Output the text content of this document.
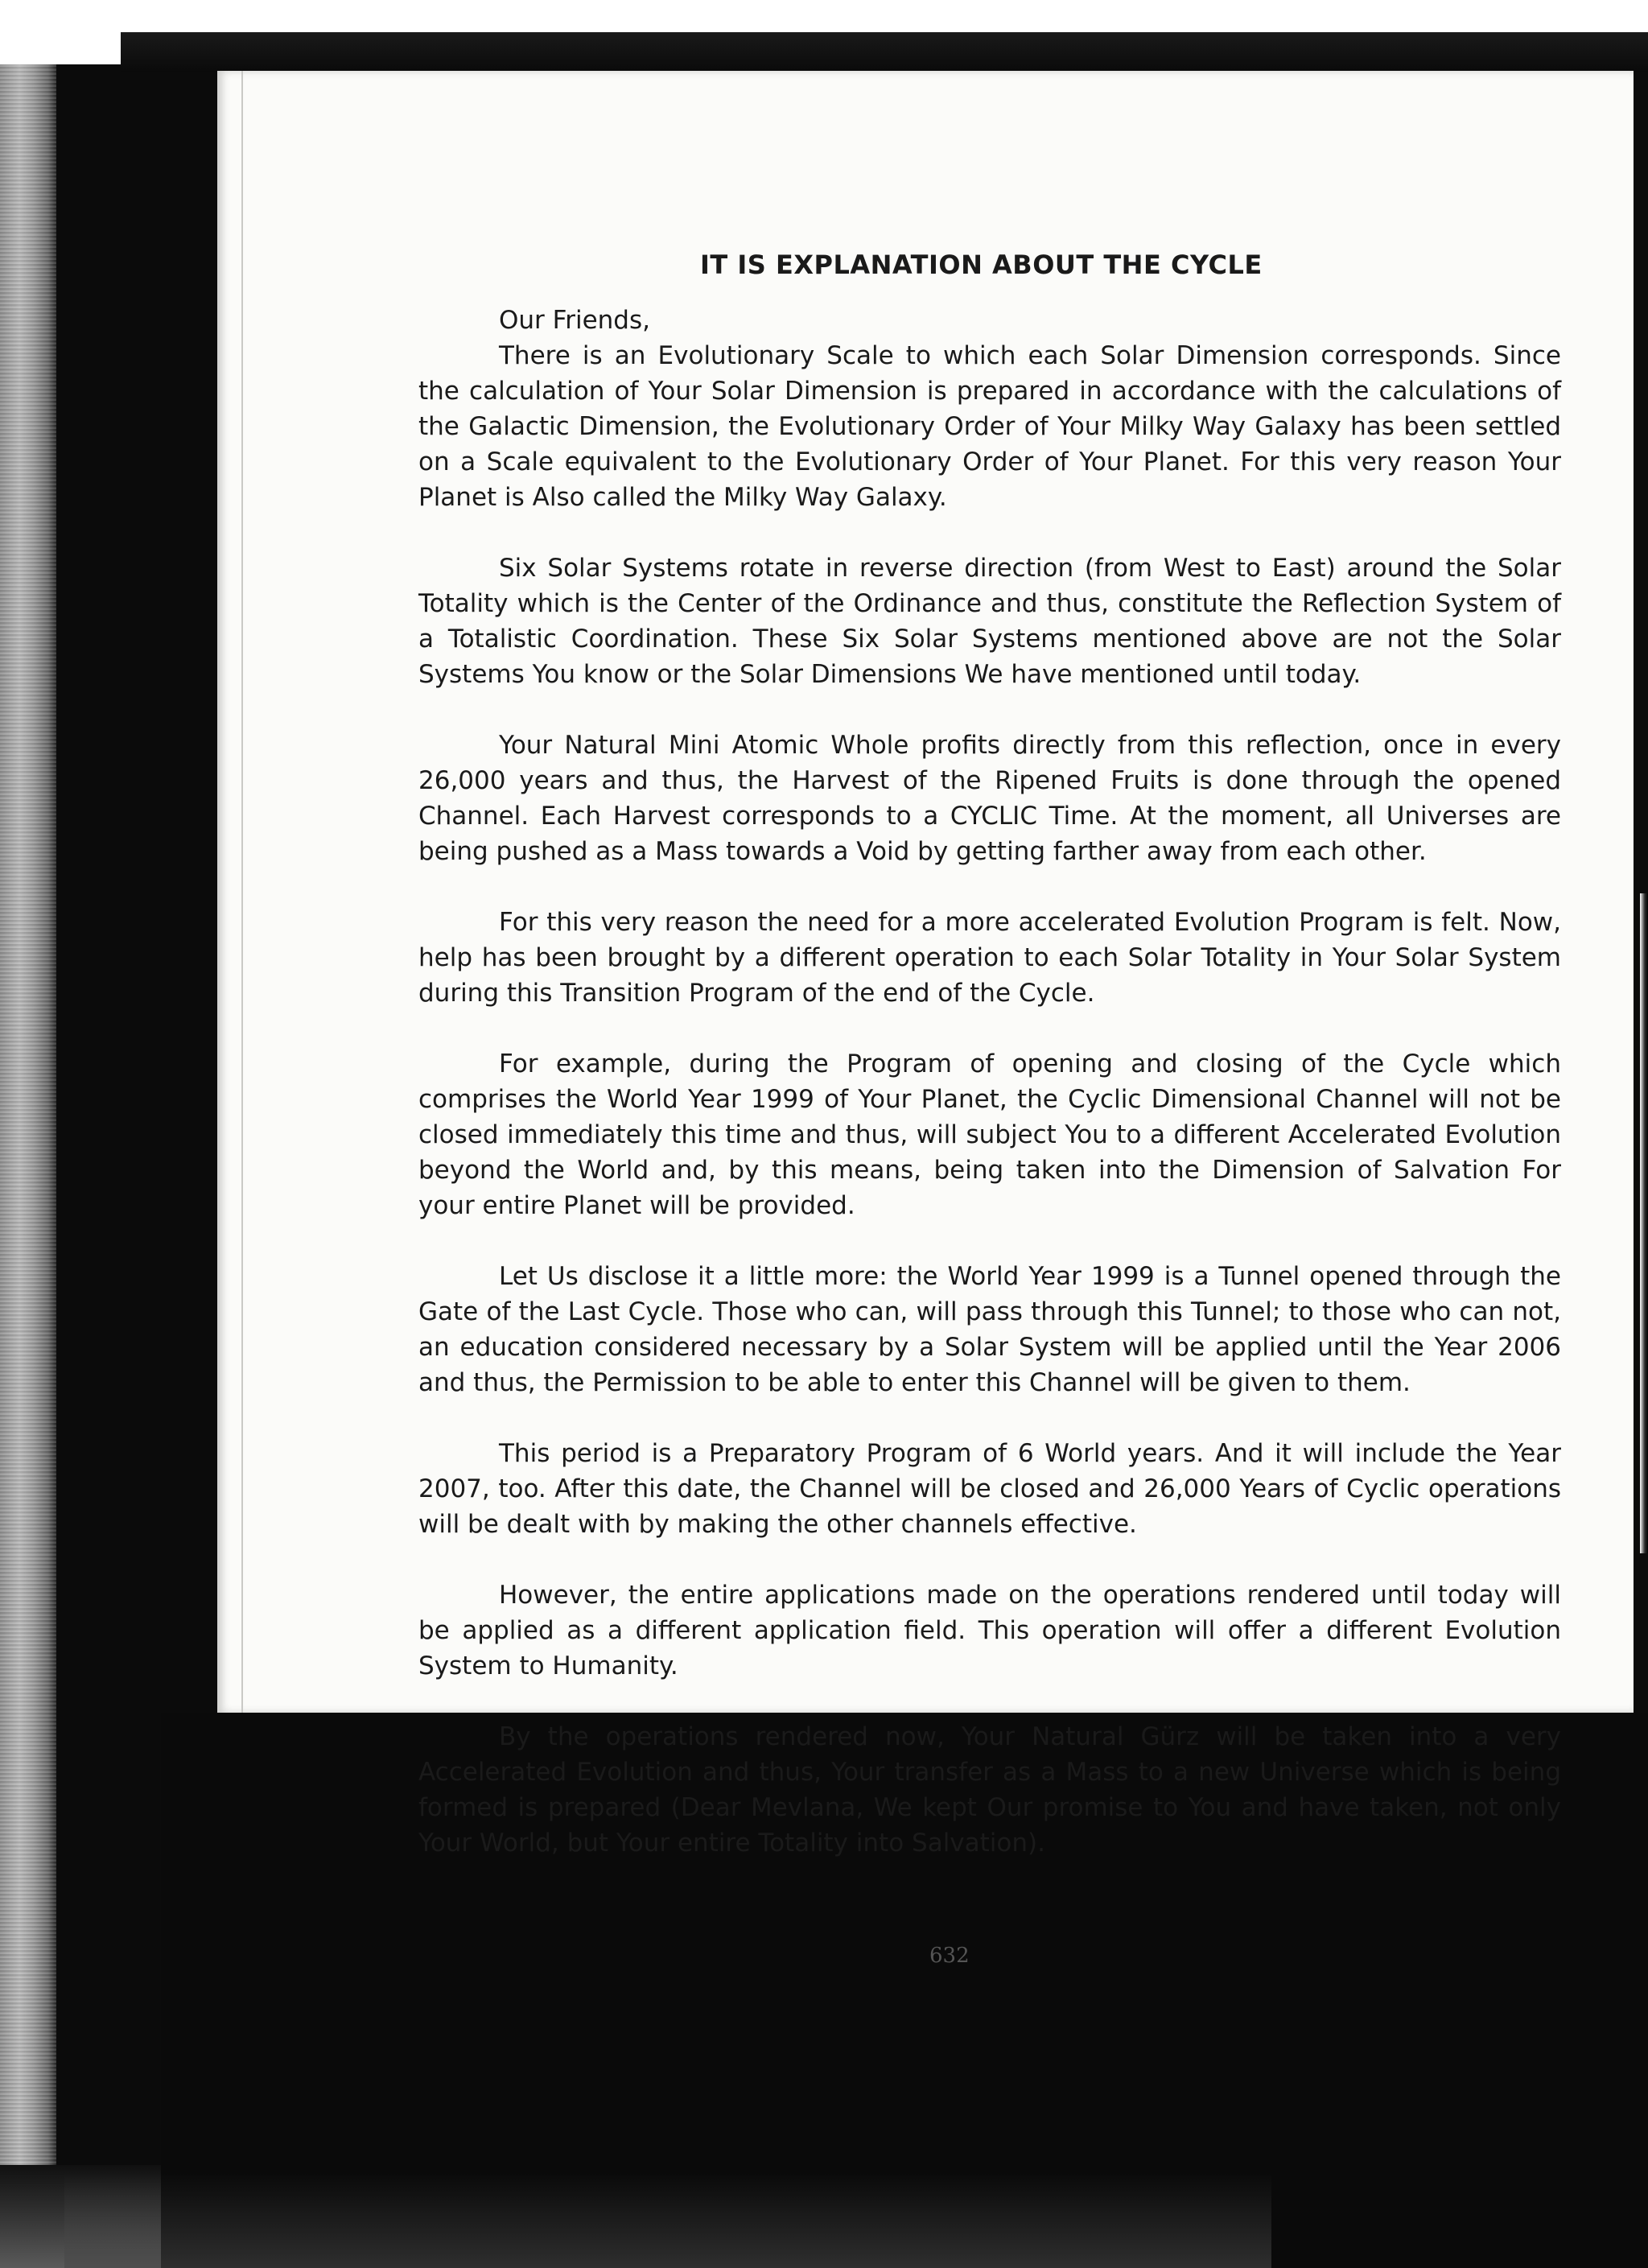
IT IS EXPLANATION ABOUT THE CYCLE

Our Friends,

There is an Evolutionary Scale to which each Solar Dimension corresponds. Since the calculation of Your Solar Dimension is prepared in accordance with the calculations of the Galactic Dimension, the Evolutionary Order of Your Milky Way Galaxy has been settled on a Scale equivalent to the Evolutionary Order of Your Planet. For this very reason Your Planet is Also called the Milky Way Galaxy.

Six Solar Systems rotate in reverse direction (from West to East) around the Solar Totality which is the Center of the Ordinance and thus, constitute the Reflection System of a Totalistic Coordination. These Six Solar Systems mentioned above are not the Solar Systems You know or the Solar Dimensions We have mentioned until today.

Your Natural Mini Atomic Whole profits directly from this reflection, once in every 26,000 years and thus, the Harvest of the Ripened Fruits is done through the opened Channel. Each Harvest corresponds to a CYCLIC Time. At the moment, all Universes are being pushed as a Mass towards a Void by getting farther away from each other.

For this very reason the need for a more accelerated Evolution Program is felt. Now, help has been brought by a different operation to each Solar Totality in Your Solar System during this Transition Program of the end of the Cycle.

For example, during the Program of opening and closing of the Cycle which comprises the World Year 1999 of Your Planet, the Cyclic Dimensional Channel will not be closed immediately this time and thus, will subject You to a different Accelerated Evolution beyond the World and, by this means, being taken into the Dimension of Salvation For your entire Planet will be provided.

Let Us disclose it a little more: the World Year 1999 is a Tunnel opened through the Gate of the Last Cycle. Those who can, will pass through this Tunnel; to those who can not, an education considered necessary by a Solar System will be applied until the Year 2006 and thus, the Permission to be able to enter this Channel will be given to them.

This period is a Preparatory Program of 6 World years. And it will include the Year 2007, too. After this date, the Channel will be closed and 26,000 Years of Cyclic operations will be dealt with by making the other channels effective.

However, the entire applications made on the operations rendered until today will be applied as a different application field. This operation will offer a different Evolution System to Humanity.

By the operations rendered now, Your Natural Gürz will be taken into a very Accelerated Evolution and thus, Your transfer as a Mass to a new Universe which is being formed is prepared (Dear Mevlana, We kept Our promise to You and have taken, not only Your World, but Your entire Totality into Salvation).

632
